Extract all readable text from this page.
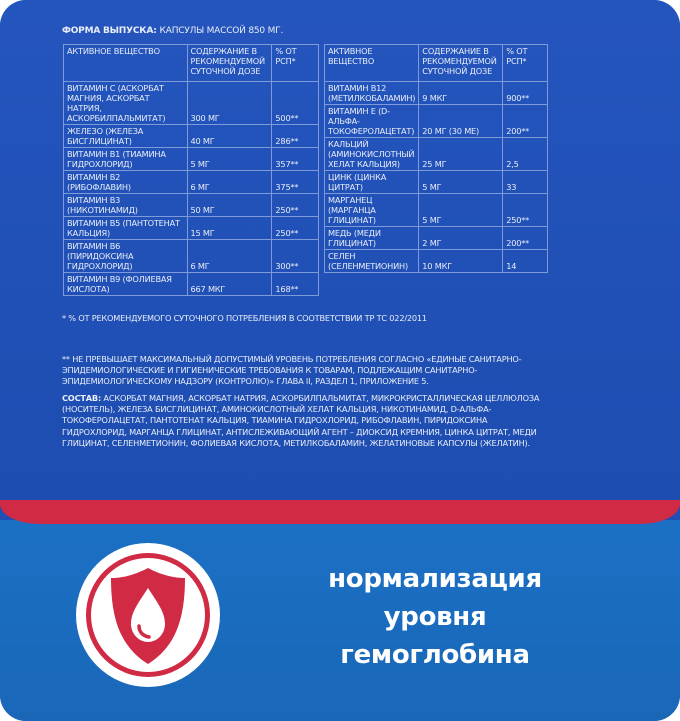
ФОРМА ВЫПУСКА: КАПСУЛЫ МАССОЙ 850 МГ.
АКТИВНОЕ ВЕЩЕСТВО	СОДЕРЖАНИЕ В РЕКОМЕНДУЕМОЙ СУТОЧНОЙ ДОЗЕ	% ОТ РСП*
ВИТАМИН С (АСКОРБАТ МАГНИЯ, АСКОРБАТ НАТРИЯ, АСКОРБИЛПАЛЬМИТАТ)	300 МГ	500**
ЖЕЛЕЗО (ЖЕЛЕЗА БИСГЛИЦИНАТ)	40 МГ	286**
ВИТАМИН В1 (ТИАМИНА ГИДРОХЛОРИД)	5 МГ	357**
ВИТАМИН В2 (РИБОФЛАВИН)	6 МГ	375**
ВИТАМИН В3 (НИКОТИНАМИД)	50 МГ	250**
ВИТАМИН В5 (ПАНТОТЕНАТ КАЛЬЦИЯ)	15 МГ	250**
ВИТАМИН В6 (ПИРИДОКСИНА ГИДРОХЛОРИД)	6 МГ	300**
ВИТАМИН В9 (ФОЛИЕВАЯ КИСЛОТА)	667 МКГ	168**
АКТИВНОЕ ВЕЩЕСТВО	СОДЕРЖАНИЕ В РЕКОМЕНДУЕМОЙ СУТОЧНОЙ ДОЗЕ	% ОТ РСП*
ВИТАМИН В12 (МЕТИЛКОБАЛАМИН)	9 МКГ	900**
ВИТАМИН Е (D-АЛЬФА-ТОКОФЕРОЛАЦЕТАТ)	20 МГ (30 МЕ)	200**
КАЛЬЦИЙ (АМИНОКИСЛОТНЫЙ ХЕЛАТ КАЛЬЦИЯ)	25 МГ	2,5
ЦИНК (ЦИНКА ЦИТРАТ)	5 МГ	33
МАРГАНЕЦ (МАРГАНЦА ГЛИЦИНАТ)	5 МГ	250**
МЕДЬ (МЕДИ ГЛИЦИНАТ)	2 МГ	200**
СЕЛЕН (СЕЛЕНМЕТИОНИН)	10 МКГ	14
* % ОТ РЕКОМЕНДУЕМОГО СУТОЧНОГО ПОТРЕБЛЕНИЯ В СООТВЕТСТВИИ ТР ТС 022/2011
** НЕ ПРЕВЫШАЕТ МАКСИМАЛЬНЫЙ ДОПУСТИМЫЙ УРОВЕНЬ ПОТРЕБЛЕНИЯ СОГЛАСНО «ЕДИНЫЕ САНИТАРНО-ЭПИДЕМИОЛОГИЧЕСКИЕ И ГИГИЕНИЧЕСКИЕ ТРЕБОВАНИЯ К ТОВАРАМ, ПОДЛЕЖАЩИМ САНИТАРНО-ЭПИДЕМИОЛОГИЧЕСКОМУ НАДЗОРУ (КОНТРОЛЮ)» ГЛАВА II, РАЗДЕЛ 1, ПРИЛОЖЕНИЕ 5.
СОСТАВ: АСКОРБАТ МАГНИЯ, АСКОРБАТ НАТРИЯ, АСКОРБИЛПАЛЬМИТАТ, МИКРОКРИСТАЛЛИЧЕСКАЯ ЦЕЛЛЮЛОЗА (НОСИТЕЛЬ), ЖЕЛЕЗА БИСГЛИЦИНАТ, АМИНОКИСЛОТНЫЙ ХЕЛАТ КАЛЬЦИЯ, НИКОТИНАМИД, D-АЛЬФА-ТОКОФЕРОЛАЦЕТАТ, ПАНТОТЕНАТ КАЛЬЦИЯ, ТИАМИНА ГИДРОХЛОРИД, РИБОФЛАВИН, ПИРИДОКСИНА ГИДРОХЛОРИД, МАРГАНЦА ГЛИЦИНАТ, АНТИСЛЕЖИВАЮЩИЙ АГЕНТ – ДИОКСИД КРЕМНИЯ, ЦИНКА ЦИТРАТ, МЕДИ ГЛИЦИНАТ, СЕЛЕНМЕТИОНИН, ФОЛИЕВАЯ КИСЛОТА, МЕТИЛКОБАЛАМИН, ЖЕЛАТИНОВЫЕ КАПСУЛЫ (ЖЕЛАТИН).
нормализация
уровня
гемоглобина
